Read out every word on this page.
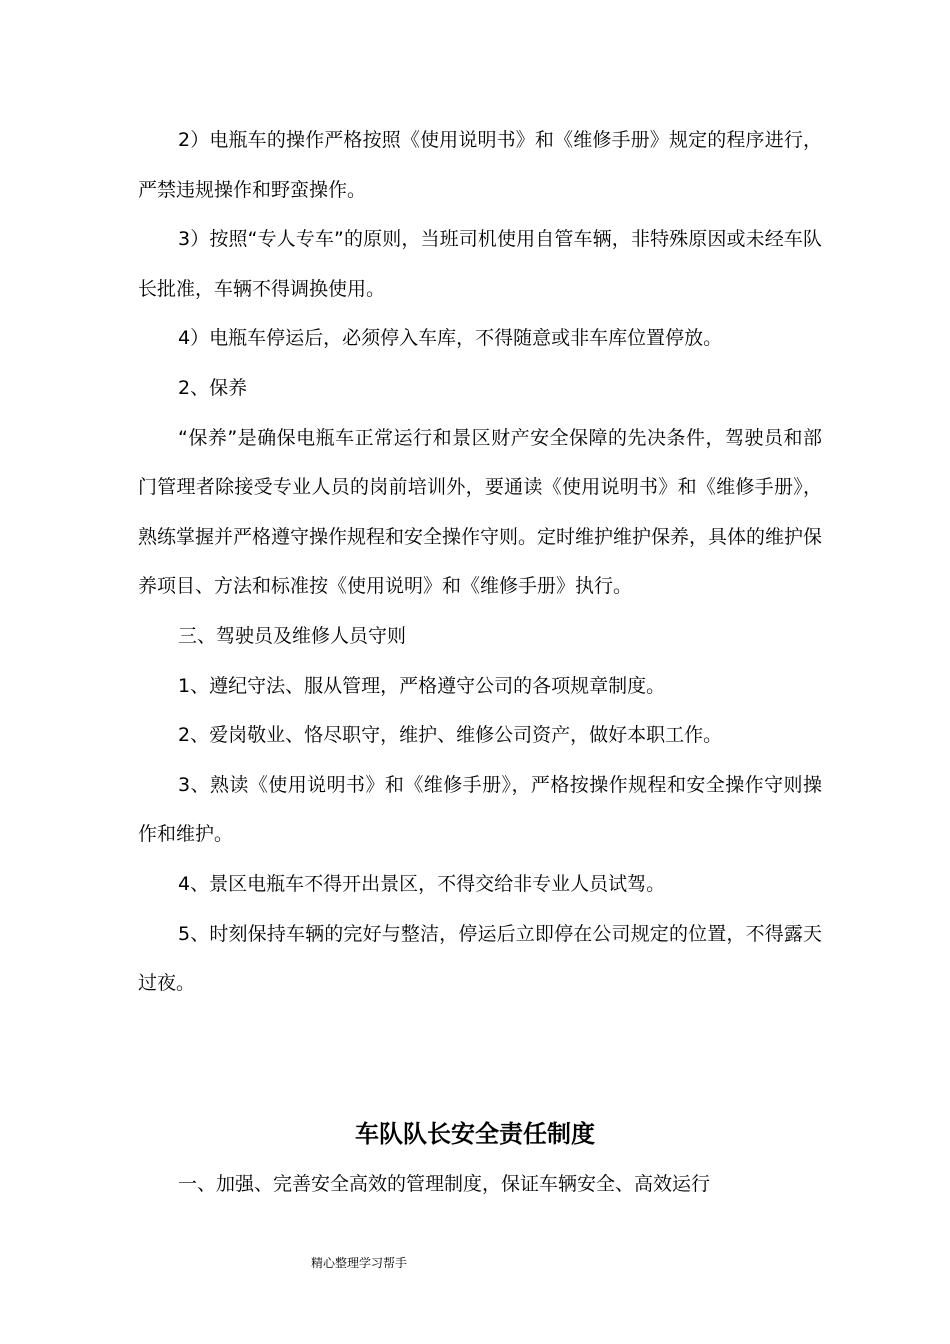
2）电瓶车的操作严格按照《使用说明书》和《维修手册》规定的程序进行，严禁违规操作和野蛮操作。

3）按照“专人专车”的原则，当班司机使用自管车辆，非特殊原因或未经车队长批准，车辆不得调换使用。

4）电瓶车停运后，必须停入车库，不得随意或非车库位置停放。

2、保养

“保养”是确保电瓶车正常运行和景区财产安全保障的先决条件，驾驶员和部门管理者除接受专业人员的岗前培训外，要通读《使用说明书》和《维修手册》，熟练掌握并严格遵守操作规程和安全操作守则。定时维护维护保养，具体的维护保养项目、方法和标准按《使用说明》和《维修手册》执行。

三、驾驶员及维修人员守则

1、遵纪守法、服从管理，严格遵守公司的各项规章制度。

2、爱岗敬业、恪尽职守，维护、维修公司资产，做好本职工作。

3、熟读《使用说明书》和《维修手册》，严格按操作规程和安全操作守则操作和维护。

4、景区电瓶车不得开出景区，不得交给非专业人员试驾。

5、时刻保持车辆的完好与整洁，停运后立即停在公司规定的位置，不得露天过夜。

车队队长安全责任制度

一、加强、完善安全高效的管理制度，保证车辆安全、高效运行

精心整理学习帮手
